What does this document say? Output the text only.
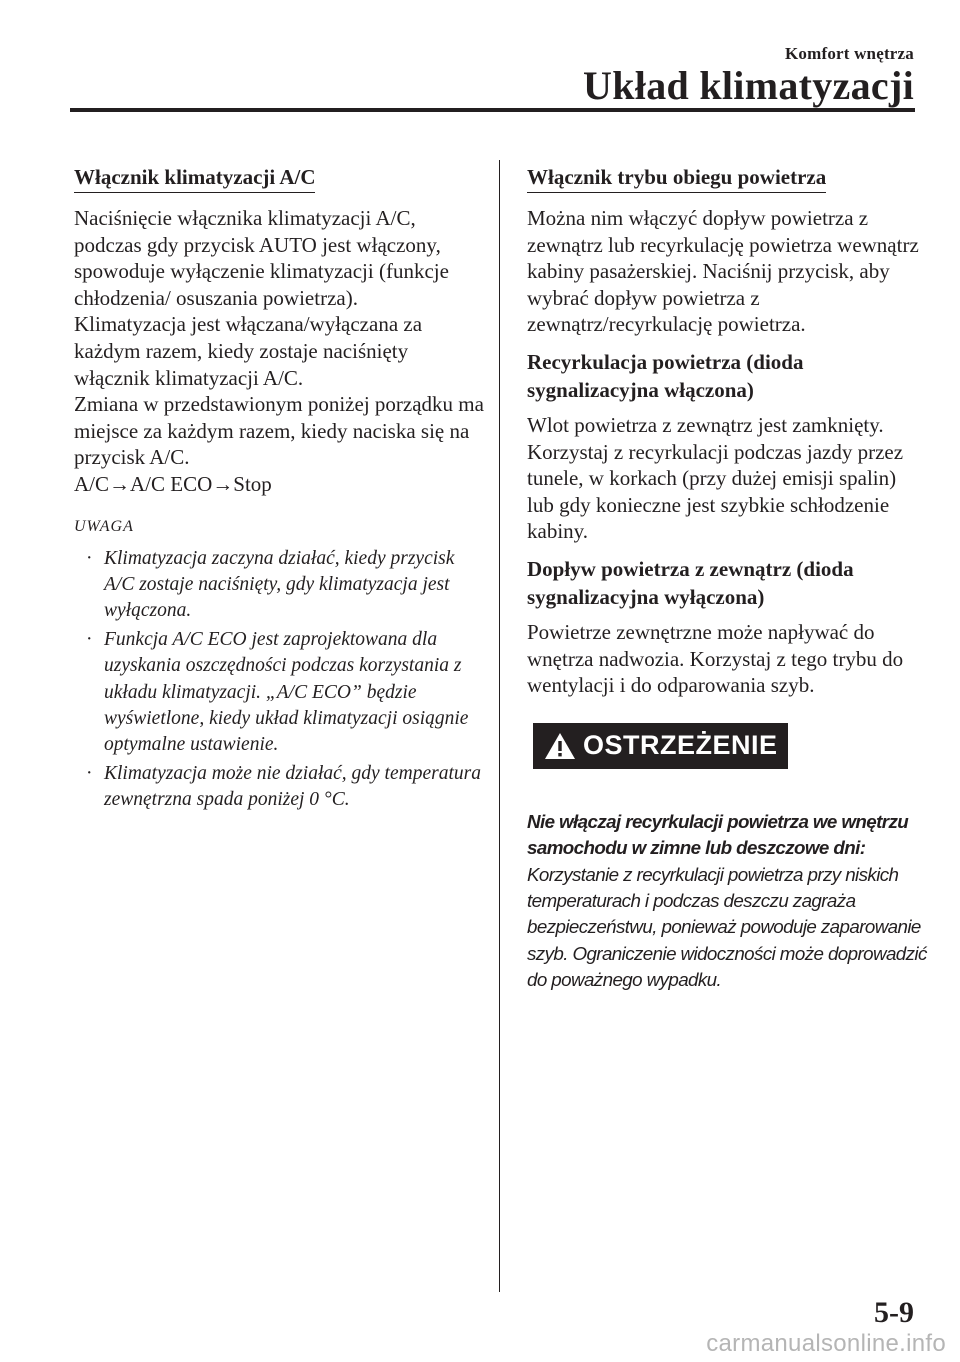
Komfort wnętrza
Układ klimatyzacji
Włącznik klimatyzacji A/C

Naciśnięcie włącznika klimatyzacji A/C, podczas gdy przycisk AUTO jest włączony, spowoduje wyłączenie klimatyzacji (funkcje chłodzenia/ osuszania powietrza).

Klimatyzacja jest włączana/wyłączana za każdym razem, kiedy zostaje naciśnięty włącznik klimatyzacji A/C.

Zmiana w przedstawionym poniżej porządku ma miejsce za każdym razem, kiedy naciska się na przycisk A/C.

A/C→A/C ECO→Stop

UWAGA
· Klimatyzacja zaczyna działać, kiedy przycisk A/C zostaje naciśnięty, gdy klimatyzacja jest wyłączona.
· Funkcja A/C ECO jest zaprojektowana dla uzyskania oszczędności podczas korzystania z układu klimatyzacji. „A/C ECO” będzie wyświetlone, kiedy układ klimatyzacji osiągnie optymalne ustawienie.
· Klimatyzacja może nie działać, gdy temperatura zewnętrzna spada poniżej 0 °C.
Włącznik trybu obiegu powietrza

Można nim włączyć dopływ powietrza z zewnątrz lub recyrkulację powietrza wewnątrz kabiny pasażerskiej. Naciśnij przycisk, aby wybrać dopływ powietrza z zewnątrz/recyrkulację powietrza.

Recyrkulacja powietrza (dioda sygnalizacyjna włączona)

Wlot powietrza z zewnątrz jest zamknięty. Korzystaj z recyrkulacji podczas jazdy przez tunele, w korkach (przy dużej emisji spalin) lub gdy konieczne jest szybkie schłodzenie kabiny.

Dopływ powietrza z zewnątrz (dioda sygnalizacyjna wyłączona)

Powietrze zewnętrzne może napływać do wnętrza nadwozia. Korzystaj z tego trybu do wentylacji i do odparowania szyb.

OSTRZEŻENIE
Nie włączaj recyrkulacji powietrza we wnętrzu samochodu w zimne lub deszczowe dni:
Korzystanie z recyrkulacji powietrza przy niskich temperaturach i podczas deszczu zagraża bezpieczeństwu, ponieważ powoduje zaparowanie szyb. Ograniczenie widoczności może doprowadzić do poważnego wypadku.
5-9
carmanualsonline.info
